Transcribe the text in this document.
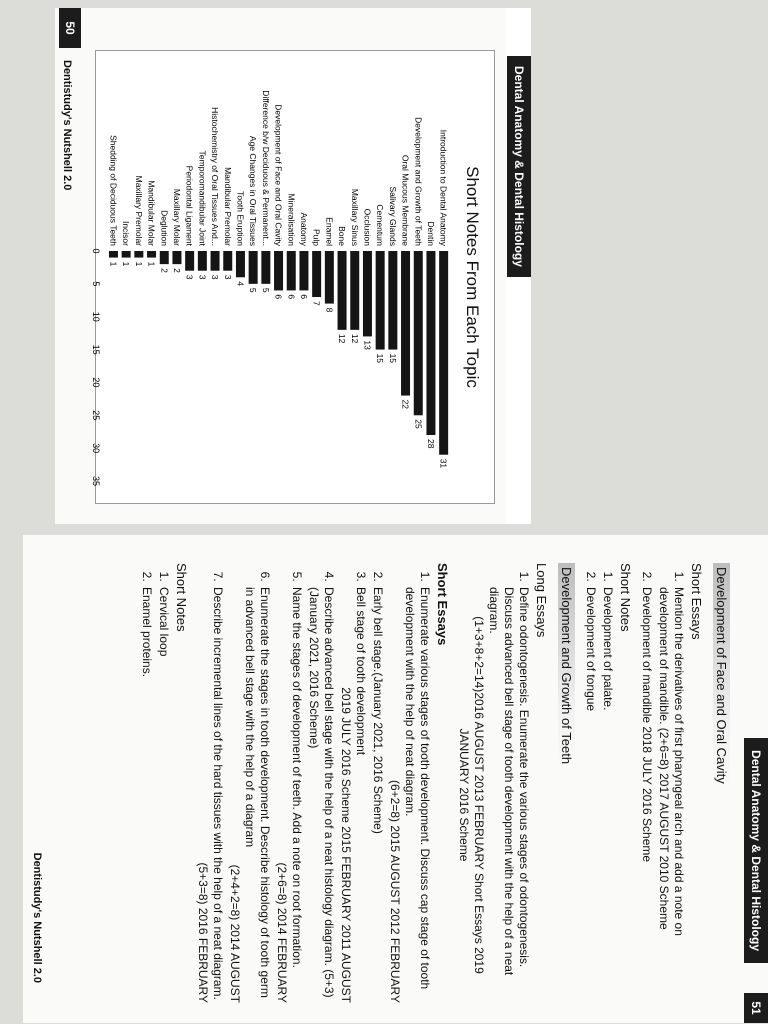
Dental Anatomy & Dental Histology
Short Notes From Each Topic
Introduction to Dental Anatomy
31
Dentin
28
Development and Growth of Teeth
25
Oral Mucous Membrane
22
Salivary Glands
15
Cementum
15
Occlusion
13
Maxillary Sinus
12
Bone
12
Enamel
8
Pulp
7
Anatomy
6
Mineralisation
6
Development of Face and Oral Cavity
6
Difference b/w Deciduous & Permanent...
5
Age Changes in Oral Tissues
5
Tooth Eruption
4
Mandibular Premolar
3
Histochemistry of Oral Tissues And...
3
Temporomandibular Joint
3
Periodontal Ligament
3
Maxillary Molar
2
Deglution
2
Mandibular Molar
1
Maxillary Premolar
1
Incisor
1
Shedding of Deciduous Teeth
1
0
5
10
15
20
25
30
35
50
Dentistudy's Nutshell 2.0
Dental Anatomy & Dental Histology
51
Development of Face and Oral Cavity
Short Essays
1. Mention the derivatives of first pharyngeal arch and add a note on development of mandible. (2+6=8) 2017 AUGUST 2010 Scheme
2. Development of mandible 2018 JULY 2016 Scheme
Short Notes
1. Development of palate.
2. Development of tongue
Development and Growth of Teeth
Long Essays
1. Define odontogenesis. Enumerate the various stages of odontogenesis. Discuss advanced bell stage of tooth development with the help of a neat diagram.
(1+3+8+2=14)2016 AUGUST 2013 FEBRUARY Short Essays 2019 JANUARY 2016 Scheme
Short Essays
1. Enumerate various stages of tooth development. Discuss cap stage of tooth development with the help of neat diagram.
(6+2=8) 2015 AUGUST 2012 FEBRUARY
2. Early bell stage.(January 2021, 2016 Scheme)
3. Bell stage of tooth development
2019 JULY 2016 Scheme 2015 FEBRUARY 2011 AUGUST
4. Describe advanced bell stage with the help of a neat histology diagram. (5+3) (January 2021, 2016 Scheme)
5. Name the stages of development of teeth. Add a note on root formation.
(2+6=8) 2014 FEBRUARY
6. Enumerate the stages in tooth development. Describe histology of tooth germ in advanced bell stage with the help of a diagram
(2+4+2=8) 2014 AUGUST
7. Describe incremental lines of the hard tissues with the help of a neat diagram.
(5+3=8) 2016 FEBRUARY
Short Notes
1. Cervical loop
2. Enamel proteins.
Dentistudy's Nutshell 2.0
